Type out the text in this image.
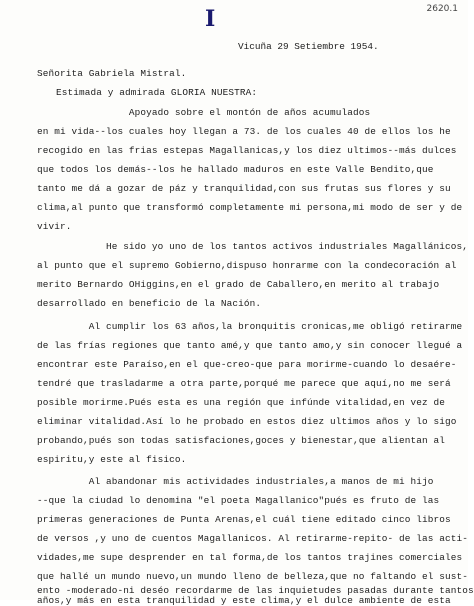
I	2620.1
Vicuña 29 Setiembre 1954.
Señorita Gabriela Mistral.
Estimada y admirada GLORIA NUESTRA:
Apoyado sobre el montón de años acumulados
en mi vida--los cuales hoy llegan a 73. de los cuales 40 de ellos los he
recogido en las frias estepas Magallanicas,y los diez ultimos--más dulces
que todos los demás--los he hallado maduros en este Valle Bendito,que
tanto me dá a gozar de páz y tranquilidad,con sus frutas sus flores y su
clima,al punto que transformó completamente mi persona,mi modo de ser y de
vivir.
He sido yo uno de los tantos activos industriales Magallánicos,
al punto que el supremo Gobierno,dispuso honrarme con la condecoración al
merito Bernardo OHiggins,en el grado de Caballero,en merito al trabajo
desarrollado en beneficio de la Nación.
Al cumplir los 63 años,la bronquitis cronicas,me obligó retirarme
de las frías regiones que tanto amé,y que tanto amo,y sin conocer llegué a
encontrar este Paraíso,en el que-creo-que para morirme-cuando lo desaére-
tendré que trasladarme a otra parte,porqué me parece que aquí,no me será
posible morirme.Pués esta es una región que infúnde vitalidad,en vez de
eliminar vitalidad.Así lo he probado en estos diez ultimos años y lo sigo
probando,pués son todas satisfaciones,goces y bienestar,que alientan al
espiritu,y este al fisico.
Al abandonar mis actividades industriales,a manos de mi hijo
--que la ciudad lo denomina "el poeta Magallanico"pués es fruto de las
primeras generaciones de Punta Arenas,el cuál tiene editado cinco libros
de versos ,y uno de cuentos Magallanicos. Al retirarme-repito- de las acti-
vidades,me supe desprender en tal forma,de los tantos trajines comerciales
que hallé un mundo nuevo,un mundo lleno de belleza,que no faltando el sust-
ento -moderado-ni deséo recordarme de las inquietudes pasadas durante tantos
años,y más en esta tranquilidad y este clima,y el dulce ambiente de esta
